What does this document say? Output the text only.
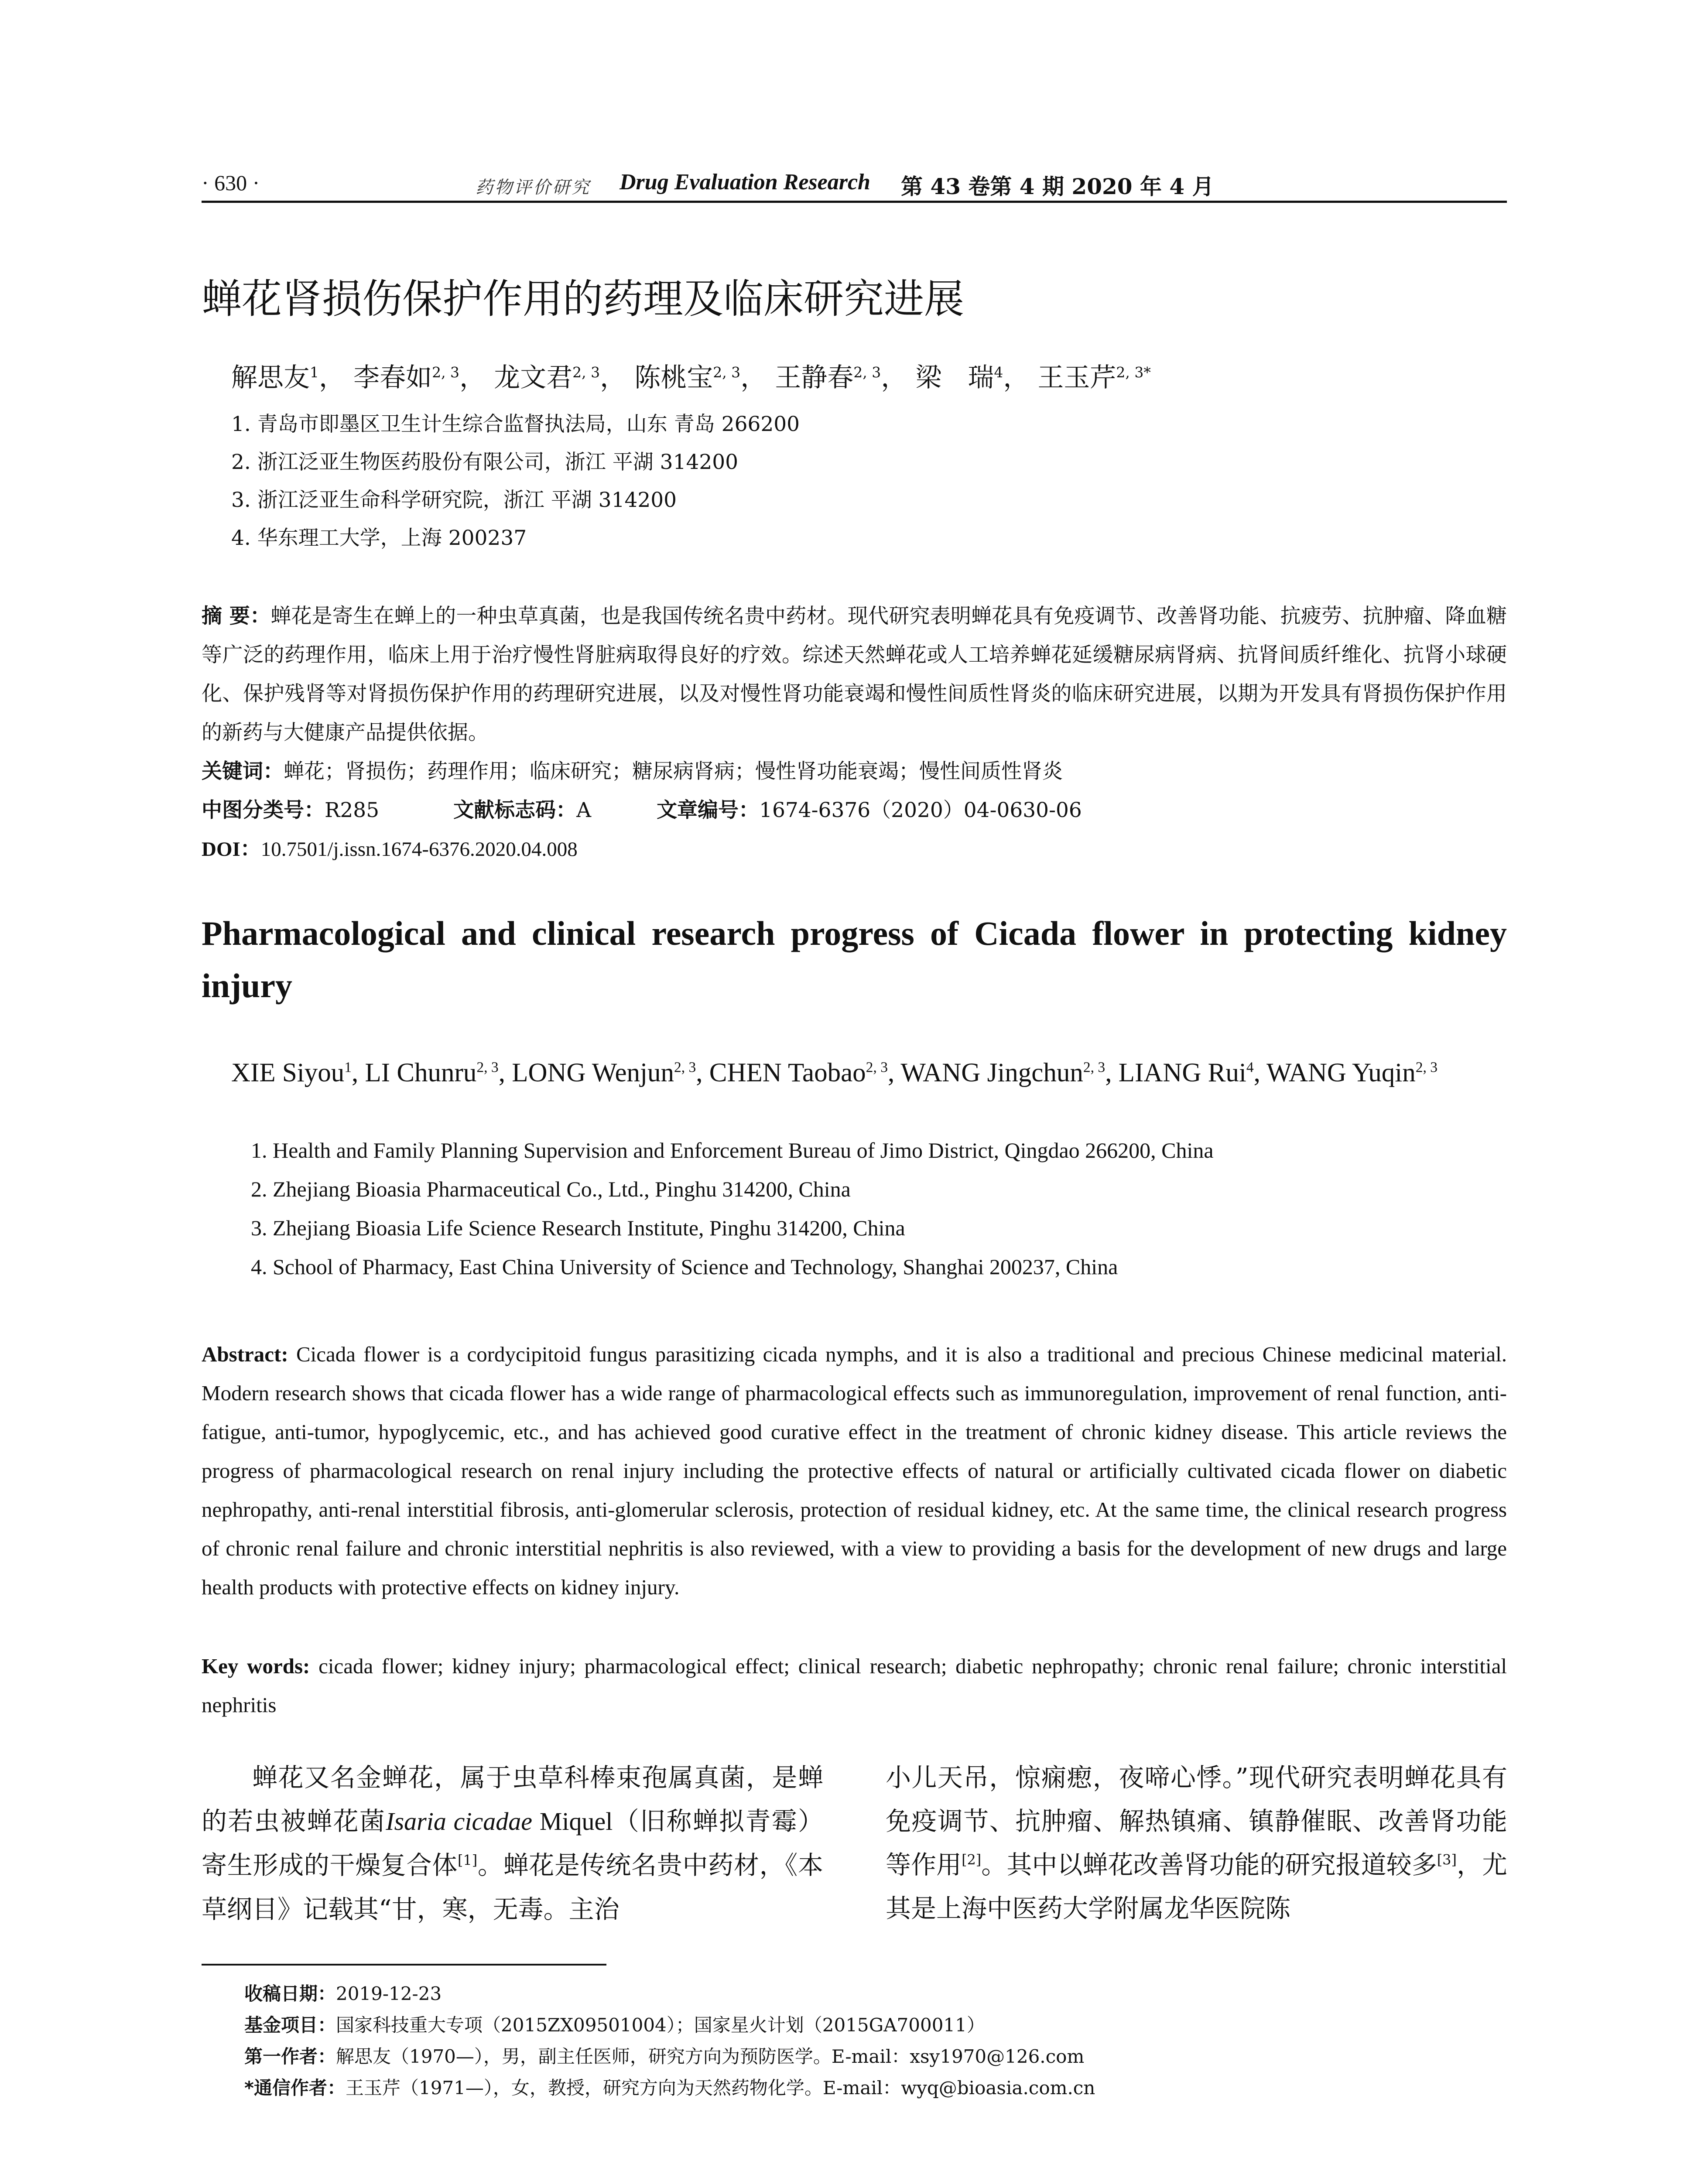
· 630 ·	药物评价研究 Drug Evaluation Research 第 43 卷第 4 期 2020 年 4 月
蝉花肾损伤保护作用的药理及临床研究进展
解思友$^1$， 李春如$^{2, 3}$， 龙文君$^{2, 3}$， 陈桃宝$^{2, 3}$， 王静春$^{2, 3}$， 梁　瑞$^4$， 王玉芹$^{2, 3*}$
1. 青岛市即墨区卫生计生综合监督执法局，山东 青岛 266200
2. 浙江泛亚生物医药股份有限公司，浙江 平湖 314200
3. 浙江泛亚生命科学研究院，浙江 平湖 314200
4. 华东理工大学，上海 200237
摘 要：蝉花是寄生在蝉上的一种虫草真菌，也是我国传统名贵中药材。现代研究表明蝉花具有免疫调节、改善肾功能、抗疲劳、抗肿瘤、降血糖等广泛的药理作用，临床上用于治疗慢性肾脏病取得良好的疗效。综述天然蝉花或人工培养蝉花延缓糖尿病肾病、抗肾间质纤维化、抗肾小球硬化、保护残肾等对肾损伤保护作用的药理研究进展，以及对慢性肾功能衰竭和慢性间质性肾炎的临床研究进展，以期为开发具有肾损伤保护作用的新药与大健康产品提供依据。
关键词：蝉花；肾损伤；药理作用；临床研究；糖尿病肾病；慢性肾功能衰竭；慢性间质性肾炎
中图分类号：R285	文献标志码：A	文章编号：1674-6376（2020）04-0630-06
DOI：10.7501/j.issn.1674-6376.2020.04.008
Pharmacological and clinical research progress of Cicada flower in protecting kidney injury
XIE Siyou$^1$, LI Chunru$^{2, 3}$, LONG Wenjun$^{2, 3}$, CHEN Taobao$^{2, 3}$, WANG Jingchun$^{2, 3}$, LIANG Rui$^4$, WANG Yuqin$^{2, 3}$
1. Health and Family Planning Supervision and Enforcement Bureau of Jimo District, Qingdao 266200, China
2. Zhejiang Bioasia Pharmaceutical Co., Ltd., Pinghu 314200, China
3. Zhejiang Bioasia Life Science Research Institute, Pinghu 314200, China
4. School of Pharmacy, East China University of Science and Technology, Shanghai 200237, China
Abstract: Cicada flower is a cordycipitoid fungus parasitizing cicada nymphs, and it is also a traditional and precious Chinese medicinal material. Modern research shows that cicada flower has a wide range of pharmacological effects such as immunoregulation, improvement of renal function, anti-fatigue, anti-tumor, hypoglycemic, etc., and has achieved good curative effect in the treatment of chronic kidney disease. This article reviews the progress of pharmacological research on renal injury including the protective effects of natural or artificially cultivated cicada flower on diabetic nephropathy, anti-renal interstitial fibrosis, anti-glomerular sclerosis, protection of residual kidney, etc. At the same time, the clinical research progress of chronic renal failure and chronic interstitial nephritis is also reviewed, with a view to providing a basis for the development of new drugs and large health products with protective effects on kidney injury.
Key words: cicada flower; kidney injury; pharmacological effect; clinical research; diabetic nephropathy; chronic renal failure; chronic interstitial nephritis
蝉花又名金蝉花，属于虫草科棒束孢属真菌，是蝉的若虫被蝉花菌Isaria cicadae Miquel（旧称蝉拟青霉）寄生形成的干燥复合体[1]。蝉花是传统名贵中药材，《本草纲目》记载其“甘，寒，无毒。主治
小儿天吊，惊痫瘛，夜啼心悸。”现代研究表明蝉花具有免疫调节、抗肿瘤、解热镇痛、镇静催眠、改善肾功能等作用[2]。其中以蝉花改善肾功能的研究报道较多[3]，尤其是上海中医药大学附属龙华医院陈
收稿日期：2019-12-23
基金项目：国家科技重大专项（2015ZX09501004）；国家星火计划（2015GA700011）
第一作者：解思友（1970—），男，副主任医师，研究方向为预防医学。E-mail：xsy1970@126.com
*通信作者：王玉芹（1971—），女，教授，研究方向为天然药物化学。E-mail：wyq@bioasia.com.cn
